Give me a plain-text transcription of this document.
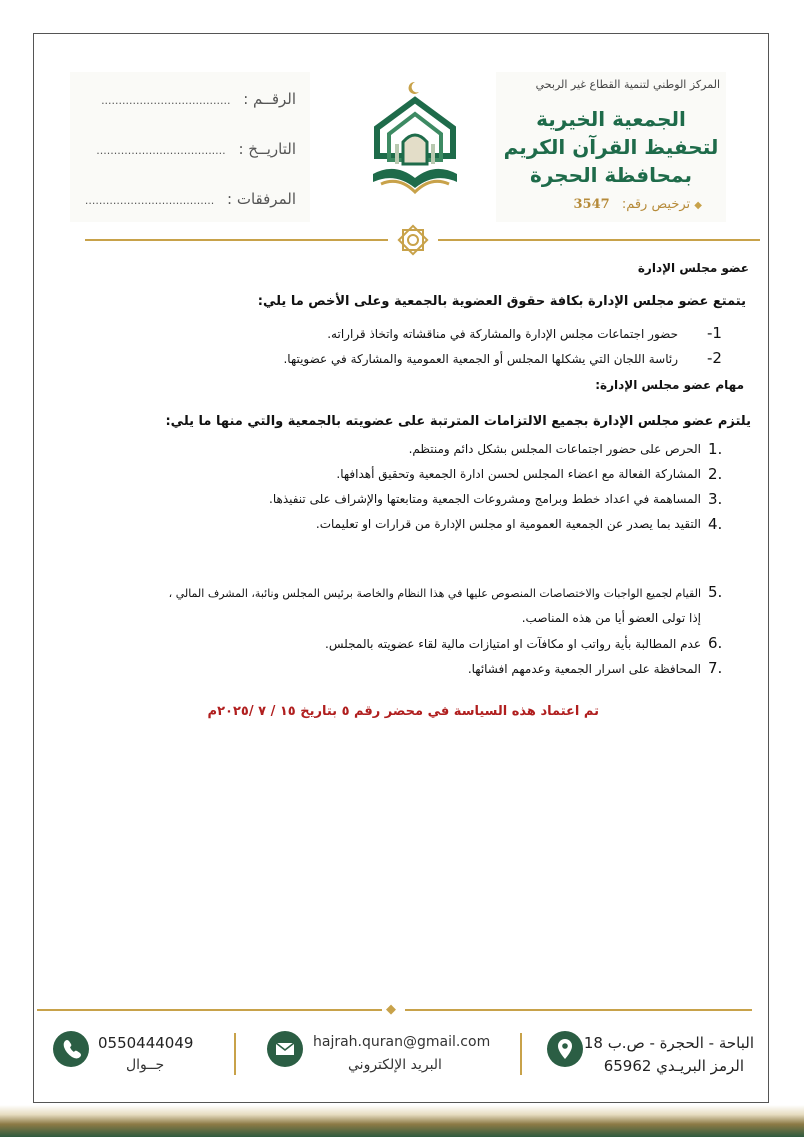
المركز الوطني لتنمية القطاع غير الربحي
الجمعية الخيرية
لتحفيظ القرآن الكريم
بمحافظة الحجرة
◆ ترخيص رقم: 3547
الرقــم : .....................................
التاريــخ : .....................................
المرفقات : .....................................
عضو مجلس الإدارة
يتمتع عضو مجلس الإدارة بكافة حقوق العضوية بالجمعية وعلى الأخص ما يلي:
-1
حضور اجتماعات مجلس الإدارة والمشاركة في مناقشاته واتخاذ قراراته.
-2
رئاسة اللجان التي يشكلها المجلس أو الجمعية العمومية والمشاركة في عضويتها.
مهام عضو مجلس الإدارة:
يلتزم عضو مجلس الإدارة بجميع الالتزامات المترتبة على عضويته بالجمعية والتي منها ما يلي:
1.
الحرص على حضور اجتماعات المجلس بشكل دائم ومنتظم.
2.
المشاركة الفعالة مع اعضاء المجلس لحسن ادارة الجمعية وتحقيق أهدافها.
3.
المساهمة في اعداد خطط وبرامج ومشروعات الجمعية ومتابعتها والإشراف على تنفيذها.
4.
التقيد بما يصدر عن الجمعية العمومية او مجلس الإدارة من قرارات او تعليمات.
5.
القيام لجميع الواجبات والاختصاصات المنصوص عليها في هذا النظام والخاصة برئيس المجلس ونائبة، المشرف المالي ،
إذا تولى العضو أيا من هذه المناصب.
6.
عدم المطالبة بأية رواتب او مكافآت او امتيازات مالية لقاء عضويته بالمجلس.
7.
المحافظة على اسرار الجمعية وعدمهم افشائها.
تم اعتماد هذه السياسة في محضر رقم ٥ بتاريخ ١٥ / ٧ /٢٠٢٥م
◆
0550444049
جــوال
hajrah.quran@gmail.com
البريد الإلكتروني
الباحة - الحجرة - ص.ب 18
الرمز البريـدي 65962
